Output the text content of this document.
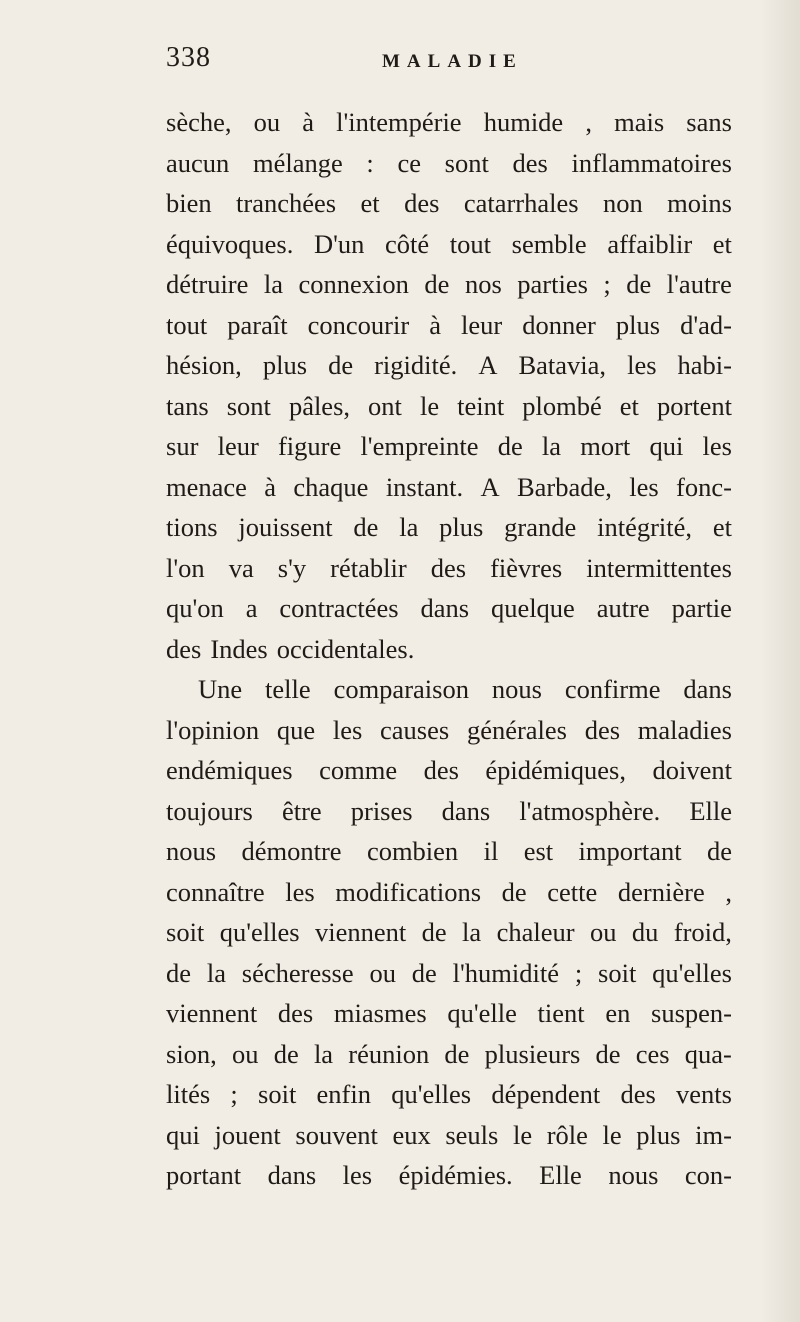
338	MALADIE
sèche, ou à l'intempérie humide , mais sans
aucun mélange : ce sont des inflammatoires
bien tranchées et des catarrhales non moins
équivoques. D'un côté tout semble affaiblir et
détruire la connexion de nos parties ; de l'autre
tout paraît concourir à leur donner plus d'ad-
hésion, plus de rigidité. A Batavia, les habi-
tans sont pâles, ont le teint plombé et portent
sur leur figure l'empreinte de la mort qui les
menace à chaque instant. A Barbade, les fonc-
tions jouissent de la plus grande intégrité, et
l'on va s'y rétablir des fièvres intermittentes
qu'on a contractées dans quelque autre partie
des Indes occidentales.
Une telle comparaison nous confirme dans
l'opinion que les causes générales des maladies
endémiques comme des épidémiques, doivent
toujours être prises dans l'atmosphère. Elle
nous démontre combien il est important de
connaître les modifications de cette dernière ,
soit qu'elles viennent de la chaleur ou du froid,
de la sécheresse ou de l'humidité ; soit qu'elles
viennent des miasmes qu'elle tient en suspen-
sion, ou de la réunion de plusieurs de ces qua-
lités ; soit enfin qu'elles dépendent des vents
qui jouent souvent eux seuls le rôle le plus im-
portant dans les épidémies. Elle nous con-
